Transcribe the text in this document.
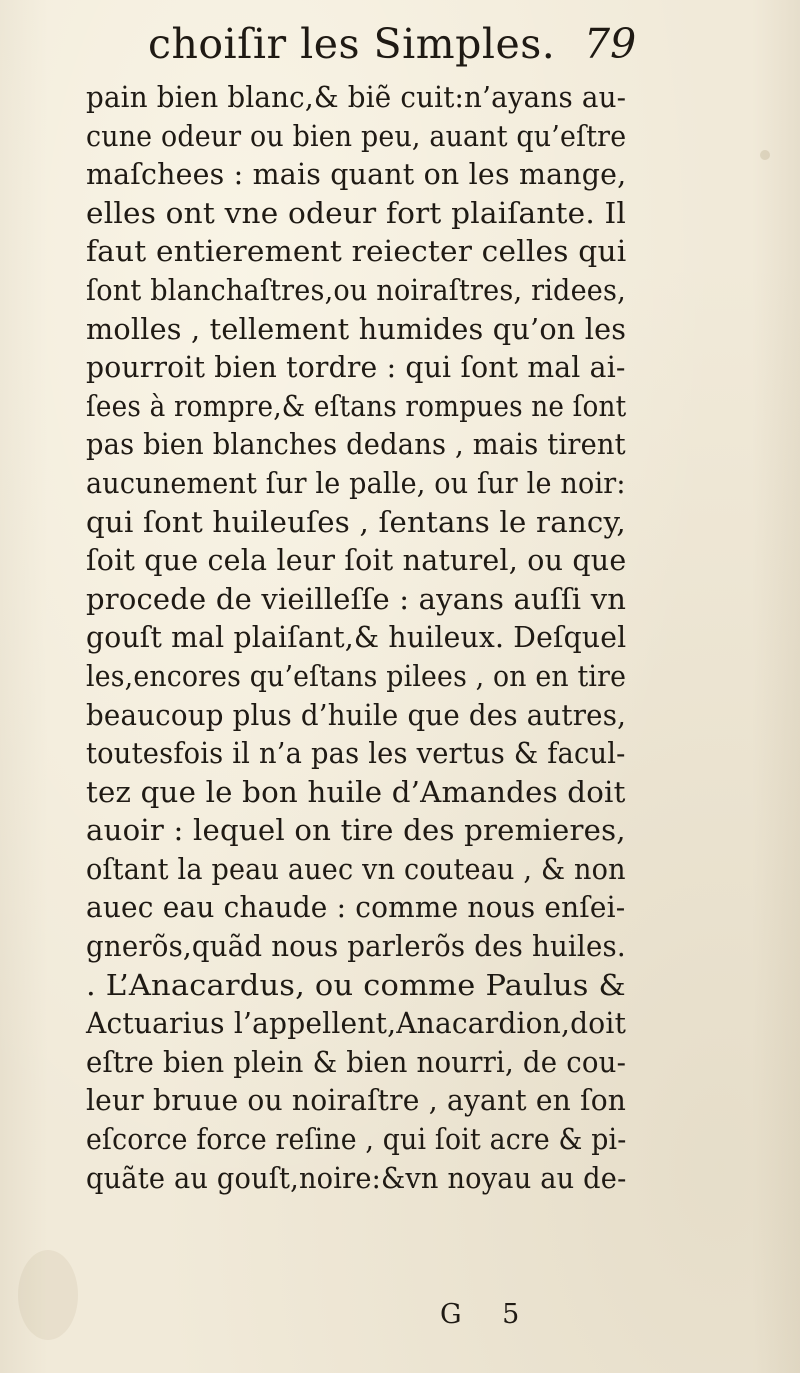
choiſir les Simples. 79
pain bien blanc,& biẽ cuit:n’ayans au-
cune odeur ou bien peu, auant qu’eſtre
maſchees : mais quant on les mange,
elles ont vne odeur fort plaiſante. Il
faut entierement reiecter celles qui
ſont blanchaſtres,ou noiraſtres, ridees,
molles , tellement humides qu’on les
pourroit bien tordre : qui ſont mal ai-
ſees à rompre,& eſtans rompues ne ſont
pas bien blanches dedans , mais tirent
aucunement ſur le palle, ou ſur le noir:
qui ſont huileuſes , ſentans le rancy,
ſoit que cela leur ſoit naturel, ou que
procede de vieilleſſe : ayans auſſi vn
gouſt mal plaiſant,& huileux. Deſquel
les,encores qu’eſtans pilees , on en tire
beaucoup plus d’huile que des autres,
toutesfois il n’a pas les vertus & facul-
tez que le bon huile d’Amandes doit
auoir : lequel on tire des premieres,
oſtant la peau auec vn couteau , & non
auec eau chaude : comme nous enſei-
gnerõs,quãd nous parlerõs des huiles.
. L’Anacardus, ou comme Paulus &
Actuarius l’appellent,Anacardion,doit
eſtre bien plein & bien nourri, de cou-
leur bruue ou noiraſtre , ayant en ſon
eſcorce force reſine , qui ſoit acre & pi-
quãte au gouſt,noire:&vn noyau au de-
G 5
